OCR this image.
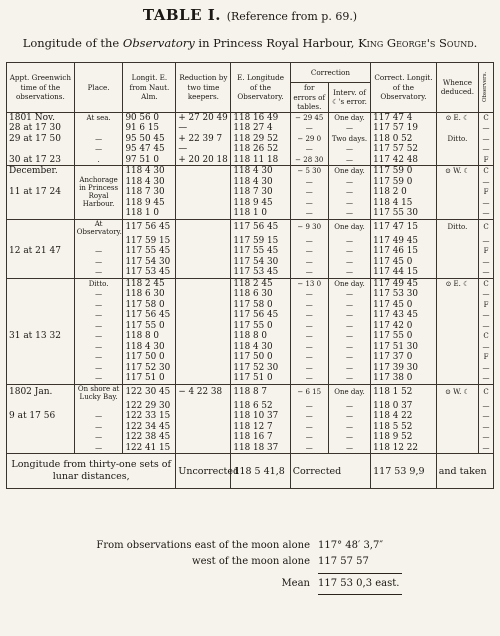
TABLE I. (Reference from p. 69.)
Longitude of the Observatory in Princess Royal Harbour, King George's Sound.
Appt. Greenwich time of the observations.	Place.	Longit. E. from Naut. Alm.	Reduction by two time keepers.	E. Longitude of the Observatory.	Correction		Correct. Longit. of the Observatory.	Whence deduced.	Observers.

					for errors of tables.	Interv. of ☾'s error.			
1801 Nov.	At sea.	90 56 0	+ 27 20 49	118 16 49	− 29 45	One day.	117 47 4	⊙ E. ☾	C
28 at 17 30		91 6 15	—	118 27 4	—	—	117 57 19		—
29 at 17 50	—	95 50 45	+ 22 39 7	118 29 52	− 29 0	Two days.	118 0 52	Ditto.	—
	—	95 47 45	—	118 26 52	—	—	117 57 52		—
30 at 17 23	.	97 51 0	+ 20 20 18	118 11 18	− 28 30	—	117 42 48		F
December.	Anchorage in Princess Royal Harbour.	118 4 30		118 4 30	− 5 30	One day.	117 59 0	⊙ W. ☾	C
		118 4 30		118 4 30	—	—	117 59 0		—
11 at 17 24		118 7 30		118 7 30	—	—	118 2 0		F
		118 9 45		118 9 45	—	—	118 4 15		—
		118 1 0		118 1 0	—	—	117 55 30		—
	At Observatory.	117 56 45		117 56 45	− 9 30	One day.	117 47 15	Ditto.	C
		117 59 15		117 59 15	—	—	117 49 45		—
12 at 21 47	—	117 55 45		117 55 45	—	—	117 46 15		F
	—	117 54 30		117 54 30	—	—	117 45 0		—
	—	117 53 45		117 53 45	—	—	117 44 15		—
	Ditto.	118 2 45		118 2 45	− 13 0	One day.	117 49 45	⊙ E. ☾	C
	—	118 6 30		118 6 30	—	—	117 53 30		—
	—	117 58 0		117 58 0	—	—	117 45 0		F
	—	117 56 45		117 56 45	—	—	117 43 45		—
	—	117 55 0		117 55 0	—	—	117 42 0		—
31 at 13 32	—	118 8 0		118 8 0	—	—	117 55 0		C
	—	118 4 30		118 4 30	—	—	117 51 30		—
	—	117 50 0		117 50 0	—	—	117 37 0		F
	—	117 52 30		117 52 30	—	—	117 39 30		—
	—	117 51 0		117 51 0	—	—	117 38 0		—
1802 Jan.	On shore at Lucky Bay.	122 30 45	− 4 22 38	118 8 7	− 6 15	One day.	118 1 52	⊙ W. ☾	C
		122 29 30		118 6 52	—	—	118 0 37		—
9 at 17 56	—	122 33 15		118 10 37	—	—	118 4 22		—
	—	122 34 45		118 12 7	—	—	118 5 52		—
	—	122 38 45		118 16 7	—	—	118 9 52		—
	—	122 41 15		118 18 37	—	—	118 12 22		—
Longitude from thirty-one sets of lunar distances,			Uncorrected	118 5 41,8	Corrected		117 53 9,9	and taken	
From observations east of the moon alone 117° 48′ 3,7″
west of the moon alone 117 57 57
Mean 117 53 0,3 east.
